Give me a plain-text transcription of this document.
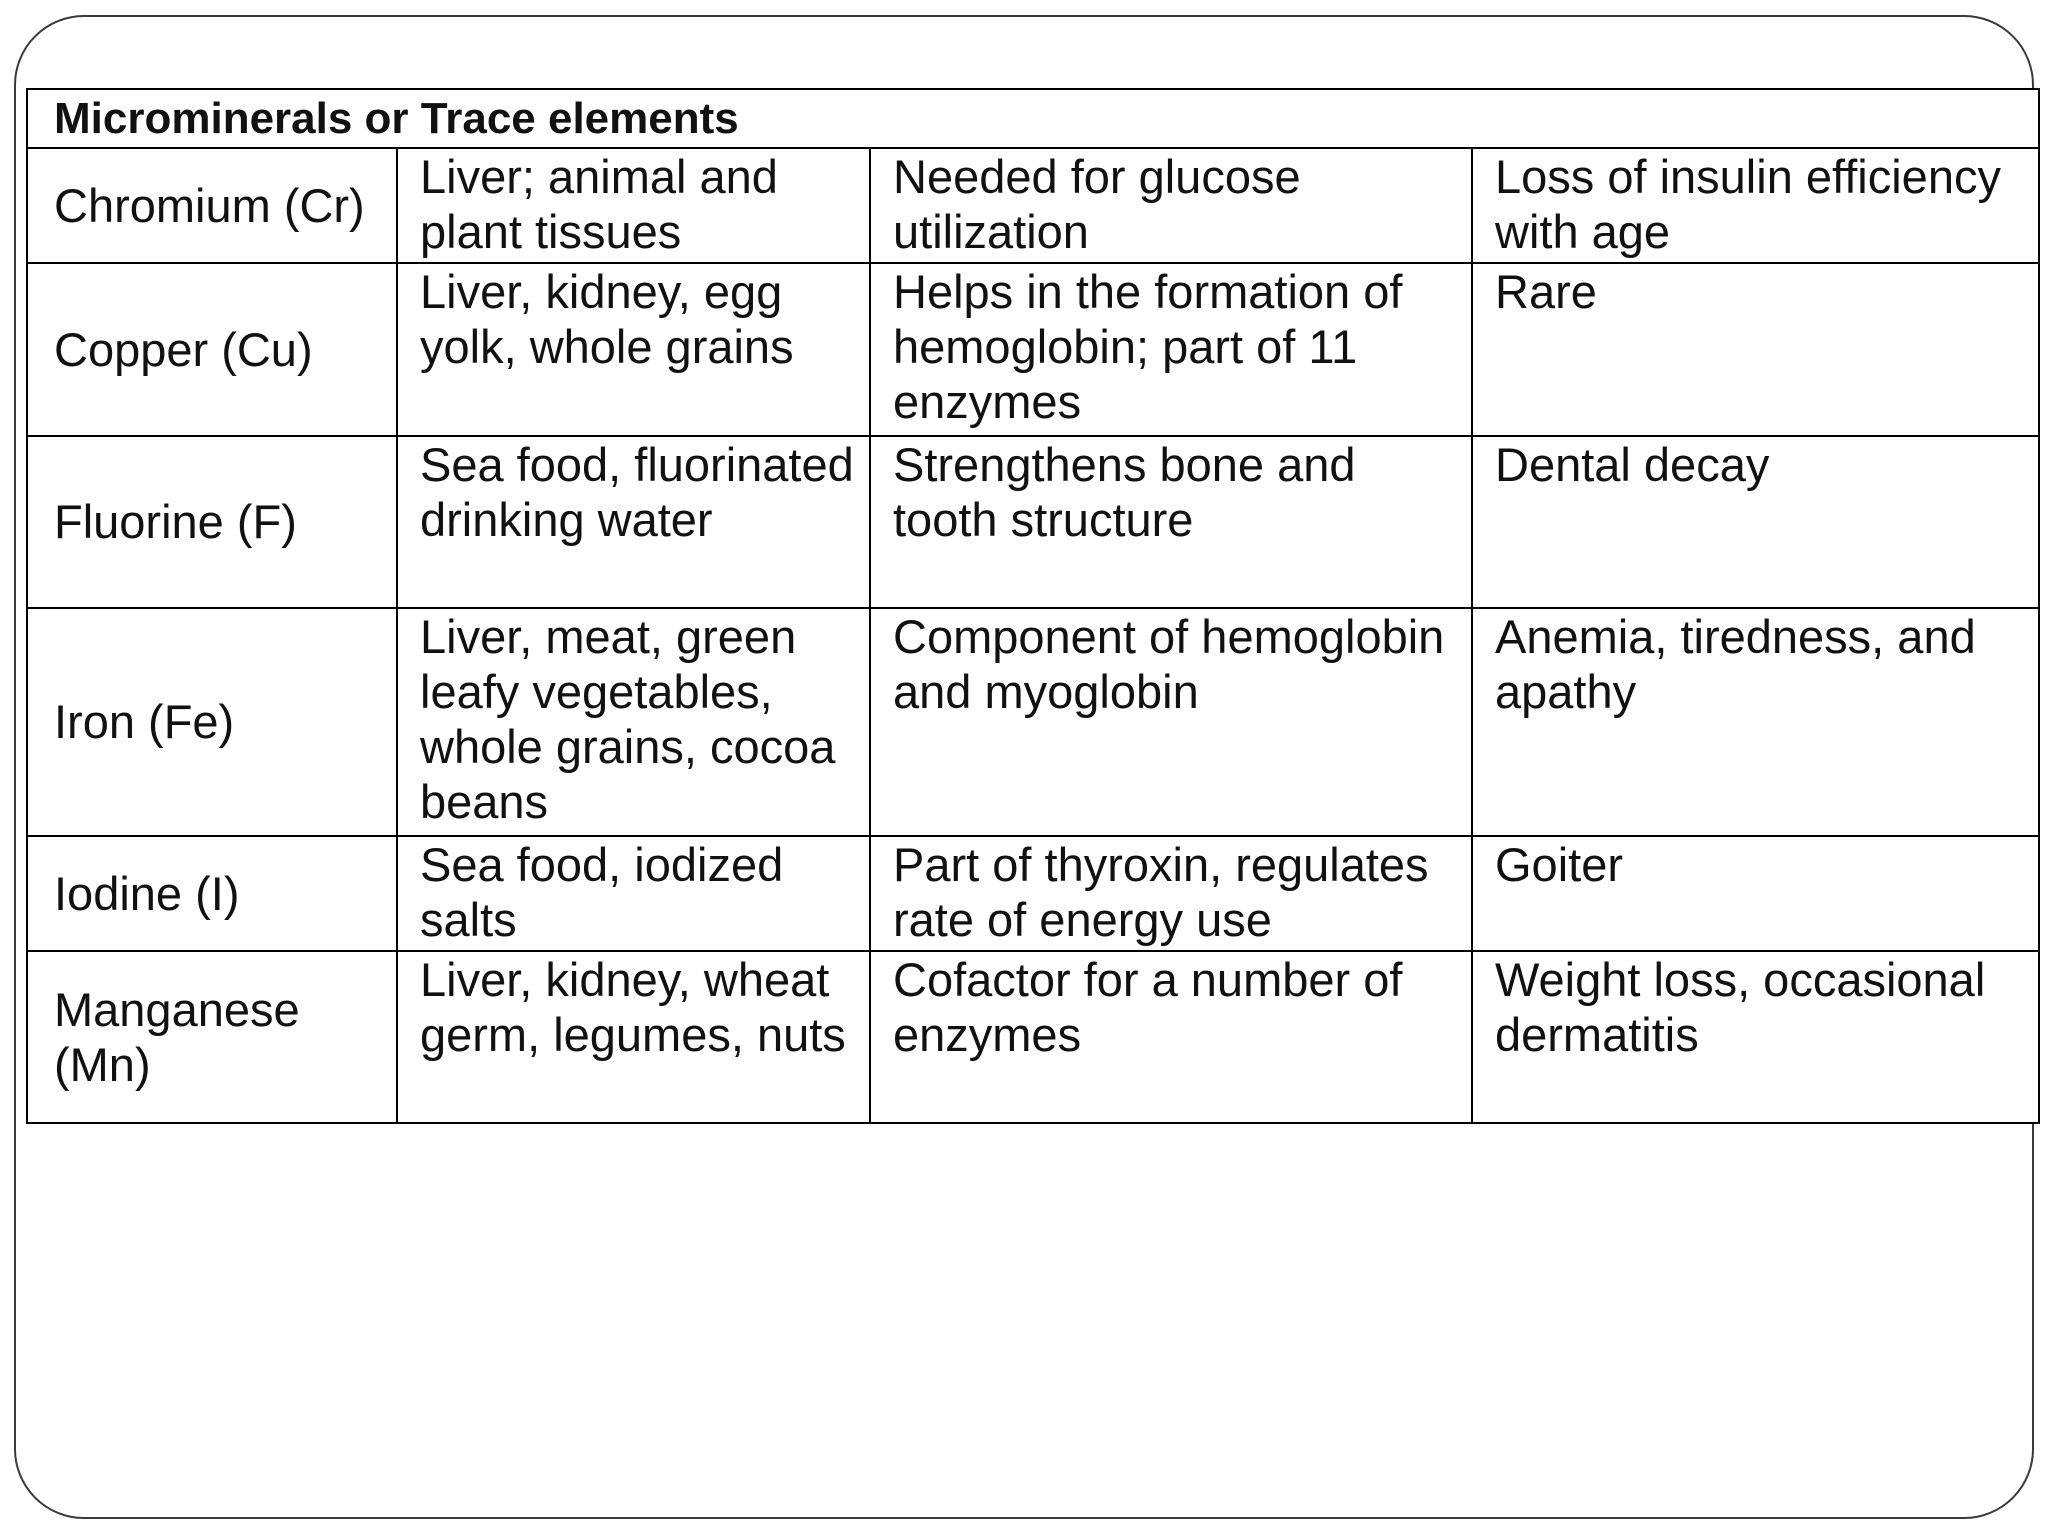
Microminerals or Trace elements			
Chromium (Cr)	Liver; animal and plant tissues	Needed for glucose utilization	Loss of insulin efficiency with age
Copper (Cu)	Liver, kidney, egg yolk, whole grains	Helps in the formation of hemoglobin; part of 11 enzymes	Rare
Fluorine (F)	Sea food, fluorinated drinking water	Strengthens bone and tooth structure	Dental decay
Iron (Fe)	Liver, meat, green leafy vegetables, whole grains, cocoa beans	Component of hemoglobin and myoglobin	Anemia, tiredness, and apathy
Iodine (I)	Sea food, iodized salts	Part of thyroxin, regulates rate of energy use	Goiter
Manganese (Mn)	Liver, kidney, wheat germ, legumes, nuts	Cofactor for a number of enzymes	Weight loss, occasional dermatitis
